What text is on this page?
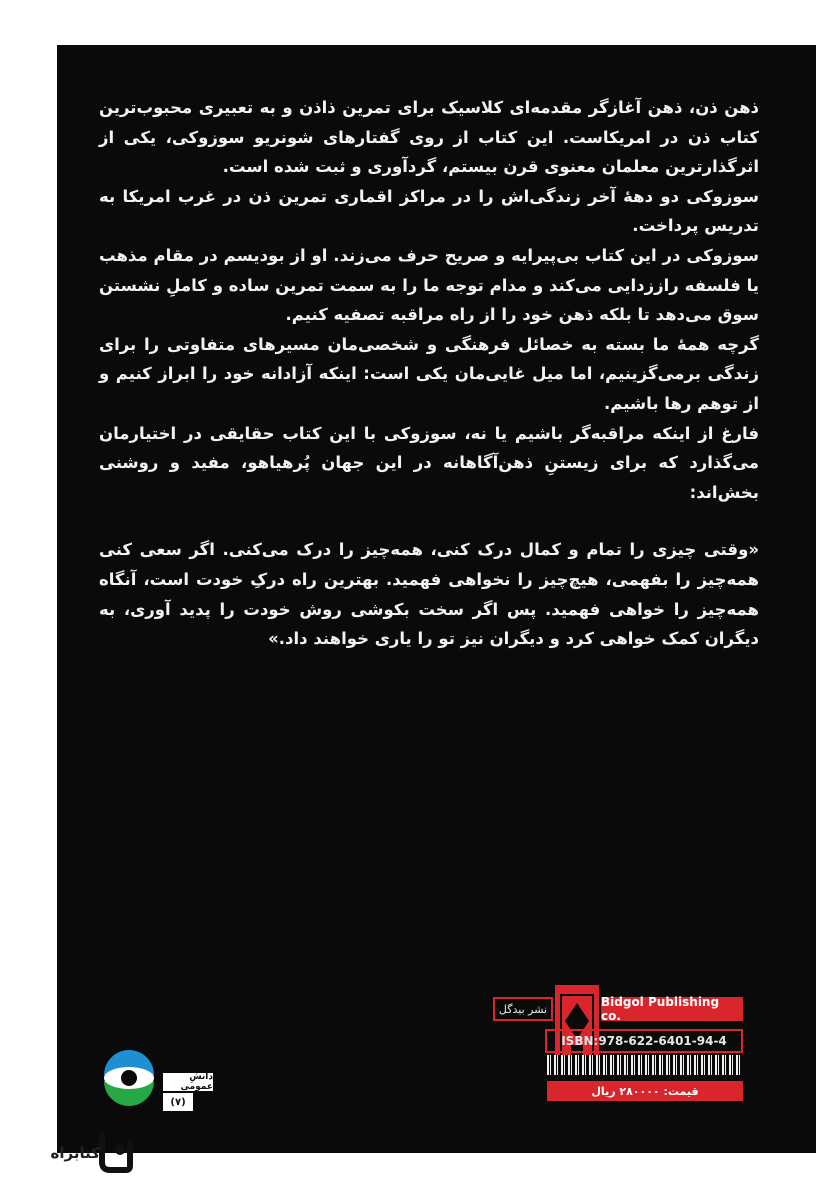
ذهن ذن، ذهن آغازگر مقدمه‌ای کلاسیک برای تمرین ذاذن و به تعبیری محبوب‌ترین کتاب ذن در امریکاست. این کتاب از روی گفتارهای شونریو سوزوکی، یکی از اثرگذارترین معلمان معنوی قرن بیستم، گردآوری و ثبت شده است.

سوزوکی دو دهۀ آخر زندگی‌اش را در مراکز اقماری تمرین ذن در غرب امریکا به تدریس پرداخت.

سوزوکی در این کتاب بی‌پیرایه و صریح حرف می‌زند. او از بودیسم در مقام مذهب یا فلسفه راززدایی می‌کند و مدام توجه ما را به سمت تمرین ساده و کاملِ نشستن سوق می‌دهد تا بلکه ذهن خود را از راه مراقبه تصفیه کنیم.

گرچه همۀ ما بسته به خصائل فرهنگی و شخصی‌مان مسیرهای متفاوتی را برای زندگی برمی‌گزینیم، اما میل غایی‌مان یکی است: اینکه آزادانه خود را ابراز کنیم و از توهم رها باشیم.

فارغ از اینکه مراقبه‌گر باشیم یا نه، سوزوکی با این کتاب حقایقی در اختیارمان می‌گذارد که برای زیستنِ ذهن‌آگاهانه در این جهان پُرهیاهو، مفید و روشنی بخش‌اند:

«وقتی چیزی را تمام و کمال درک کنی، همه‌چیز را درک می‌کنی. اگر سعی کنی همه‌چیز را بفهمی، هیچ‌چیز را نخواهی فهمید. بهترین راه درکِ خودت است، آنگاه همه‌چیز را خواهی فهمید. پس اگر سخت بکوشی روش خودت را پدید آوری، به دیگران کمک خواهی کرد و دیگران نیز تو را یاری خواهند داد.»

دانشِ عمومی
(۷)
نشر بیدگل	Bidgol Publishing co.
ISBN:978-622-6401-94-4
قیمت: ۲۸۰۰۰۰ ریال
کتابراه
